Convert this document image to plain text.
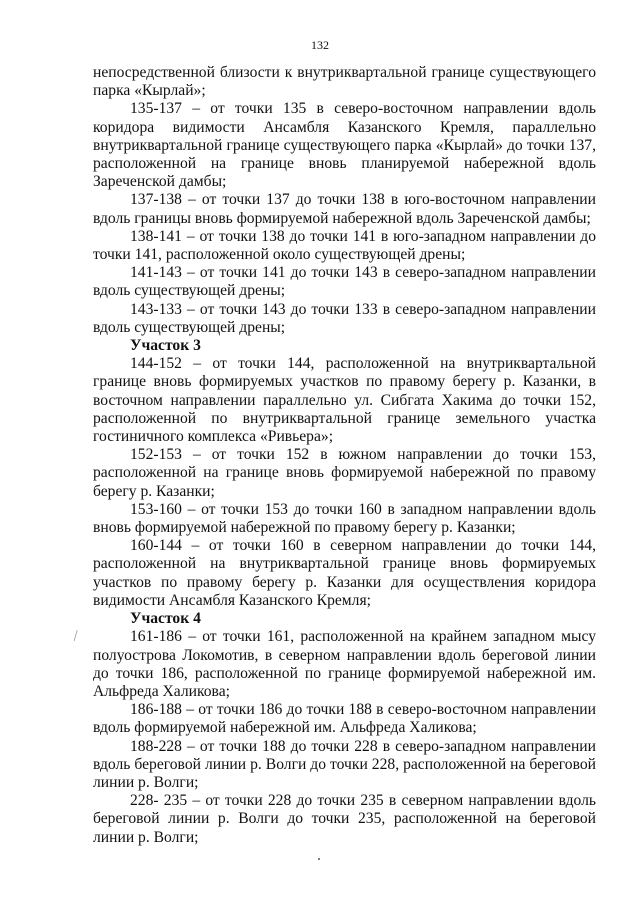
132

непосредственной близости к внутриквартальной границе существующего парка «Кырлай»;

135-137 – от точки 135 в северо-восточном направлении вдоль коридора видимости Ансамбля Казанского Кремля, параллельно внутриквартальной границе существующего парка «Кырлай» до точки 137, расположенной на границе вновь планируемой набережной вдоль Зареченской дамбы;

137-138 – от точки 137 до точки 138 в юго-восточном направлении вдоль границы вновь формируемой набережной вдоль Зареченской дамбы;

138-141 – от точки 138 до точки 141 в юго-западном направлении до точки 141, расположенной около существующей дрены;

141-143 – от точки 141 до точки 143 в северо-западном направлении вдоль существующей дрены;

143-133 – от точки 143 до точки 133 в северо-западном направлении вдоль существующей дрены;

Участок 3

144-152 – от точки 144, расположенной на внутриквартальной границе вновь формируемых участков по правому берегу р. Казанки, в восточном направлении параллельно ул. Сибгата Хакима до точки 152, расположенной по внутриквартальной границе земельного участка гостиничного комплекса «Ривьера»;

152-153 – от точки 152 в южном направлении до точки 153, расположенной на границе вновь формируемой набережной по правому берегу р. Казанки;

153-160 – от точки 153 до точки 160 в западном направлении вдоль вновь формируемой набережной по правому берегу р. Казанки;

160-144 – от точки 160 в северном направлении до точки 144, расположенной на внутриквартальной границе вновь формируемых участков по правому берегу р. Казанки для осуществления коридора видимости Ансамбля Казанского Кремля;

Участок 4

161-186 – от точки 161, расположенной на крайнем западном мысу полуострова Локомотив, в северном направлении вдоль береговой линии до точки 186, расположенной по границе формируемой набережной им. Альфреда Халикова;

186-188 – от точки 186 до точки 188 в северо-восточном направлении вдоль формируемой набережной им. Альфреда Халикова;

188-228 – от точки 188 до точки 228 в северо-западном направлении вдоль береговой линии р. Волги до точки 228, расположенной на береговой линии р. Волги;

228- 235 – от точки 228 до точки 235 в северном направлении вдоль береговой линии р. Волги до точки 235, расположенной на береговой линии р. Волги;

⁄
